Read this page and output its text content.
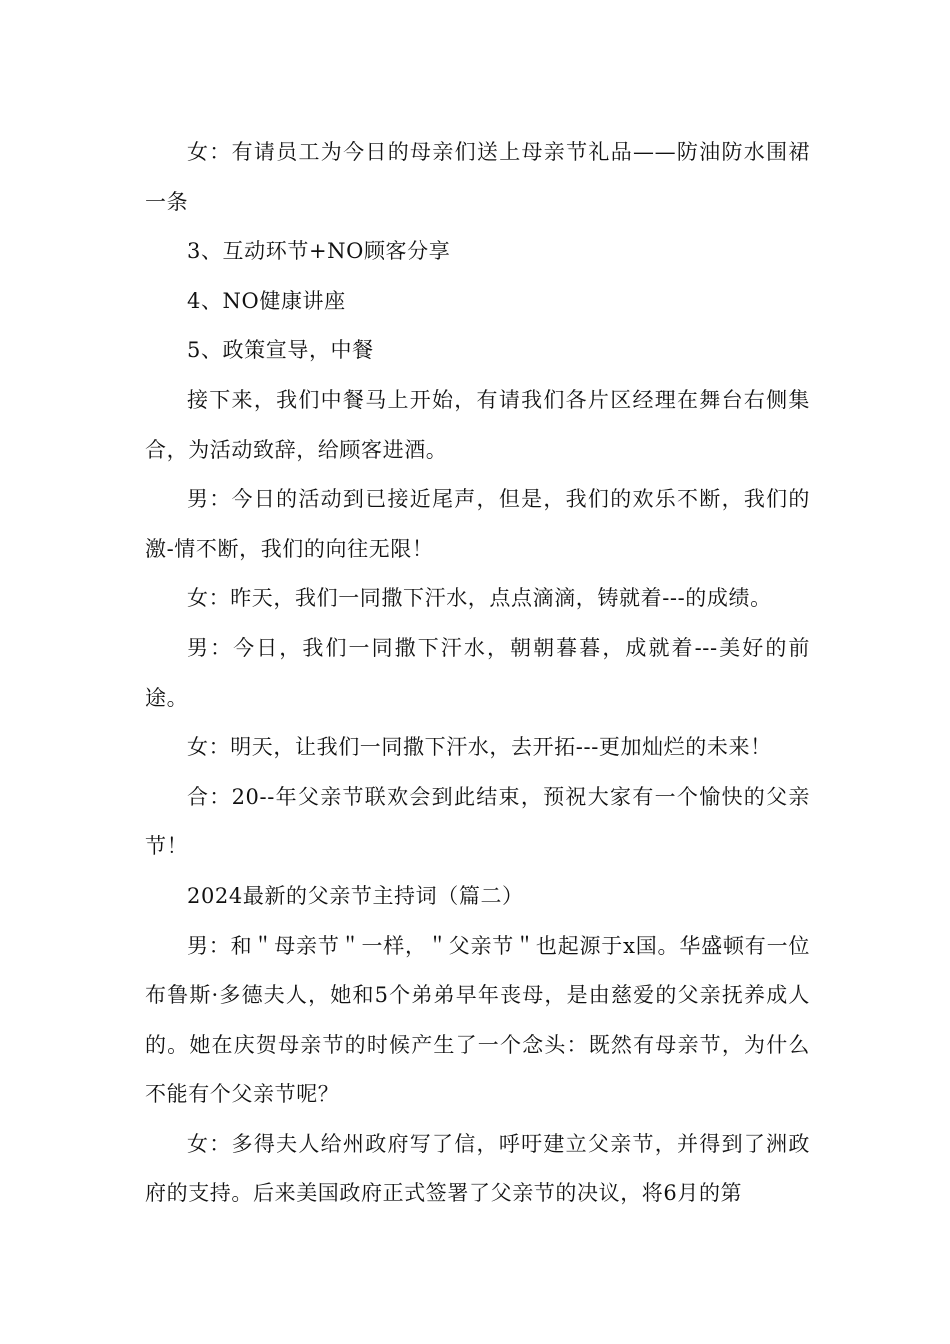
女：有请员工为今日的母亲们送上母亲节礼品——防油防水围裙一条

3、互动环节+NO顾客分享

4、NO健康讲座

5、政策宣导，中餐

接下来，我们中餐马上开始，有请我们各片区经理在舞台右侧集合，为活动致辞，给顾客进酒。

男：今日的活动到已接近尾声，但是，我们的欢乐不断，我们的激-情不断，我们的向往无限！

女：昨天，我们一同撒下汗水，点点滴滴，铸就着---的成绩。

男：今日，我们一同撒下汗水，朝朝暮暮，成就着---美好的前途。

女：明天，让我们一同撒下汗水，去开拓---更加灿烂的未来！

合：20--年父亲节联欢会到此结束，预祝大家有一个愉快的父亲节！

2024最新的父亲节主持词（篇二）

男：和＂母亲节＂一样，＂父亲节＂也起源于x国。华盛顿有一位布鲁斯·多德夫人，她和5个弟弟早年丧母，是由慈爱的父亲抚养成人的。她在庆贺母亲节的时候产生了一个念头：既然有母亲节，为什么不能有个父亲节呢？

女：多得夫人给州政府写了信，呼吁建立父亲节，并得到了洲政府的支持。后来美国政府正式签署了父亲节的决议，将6月的第
